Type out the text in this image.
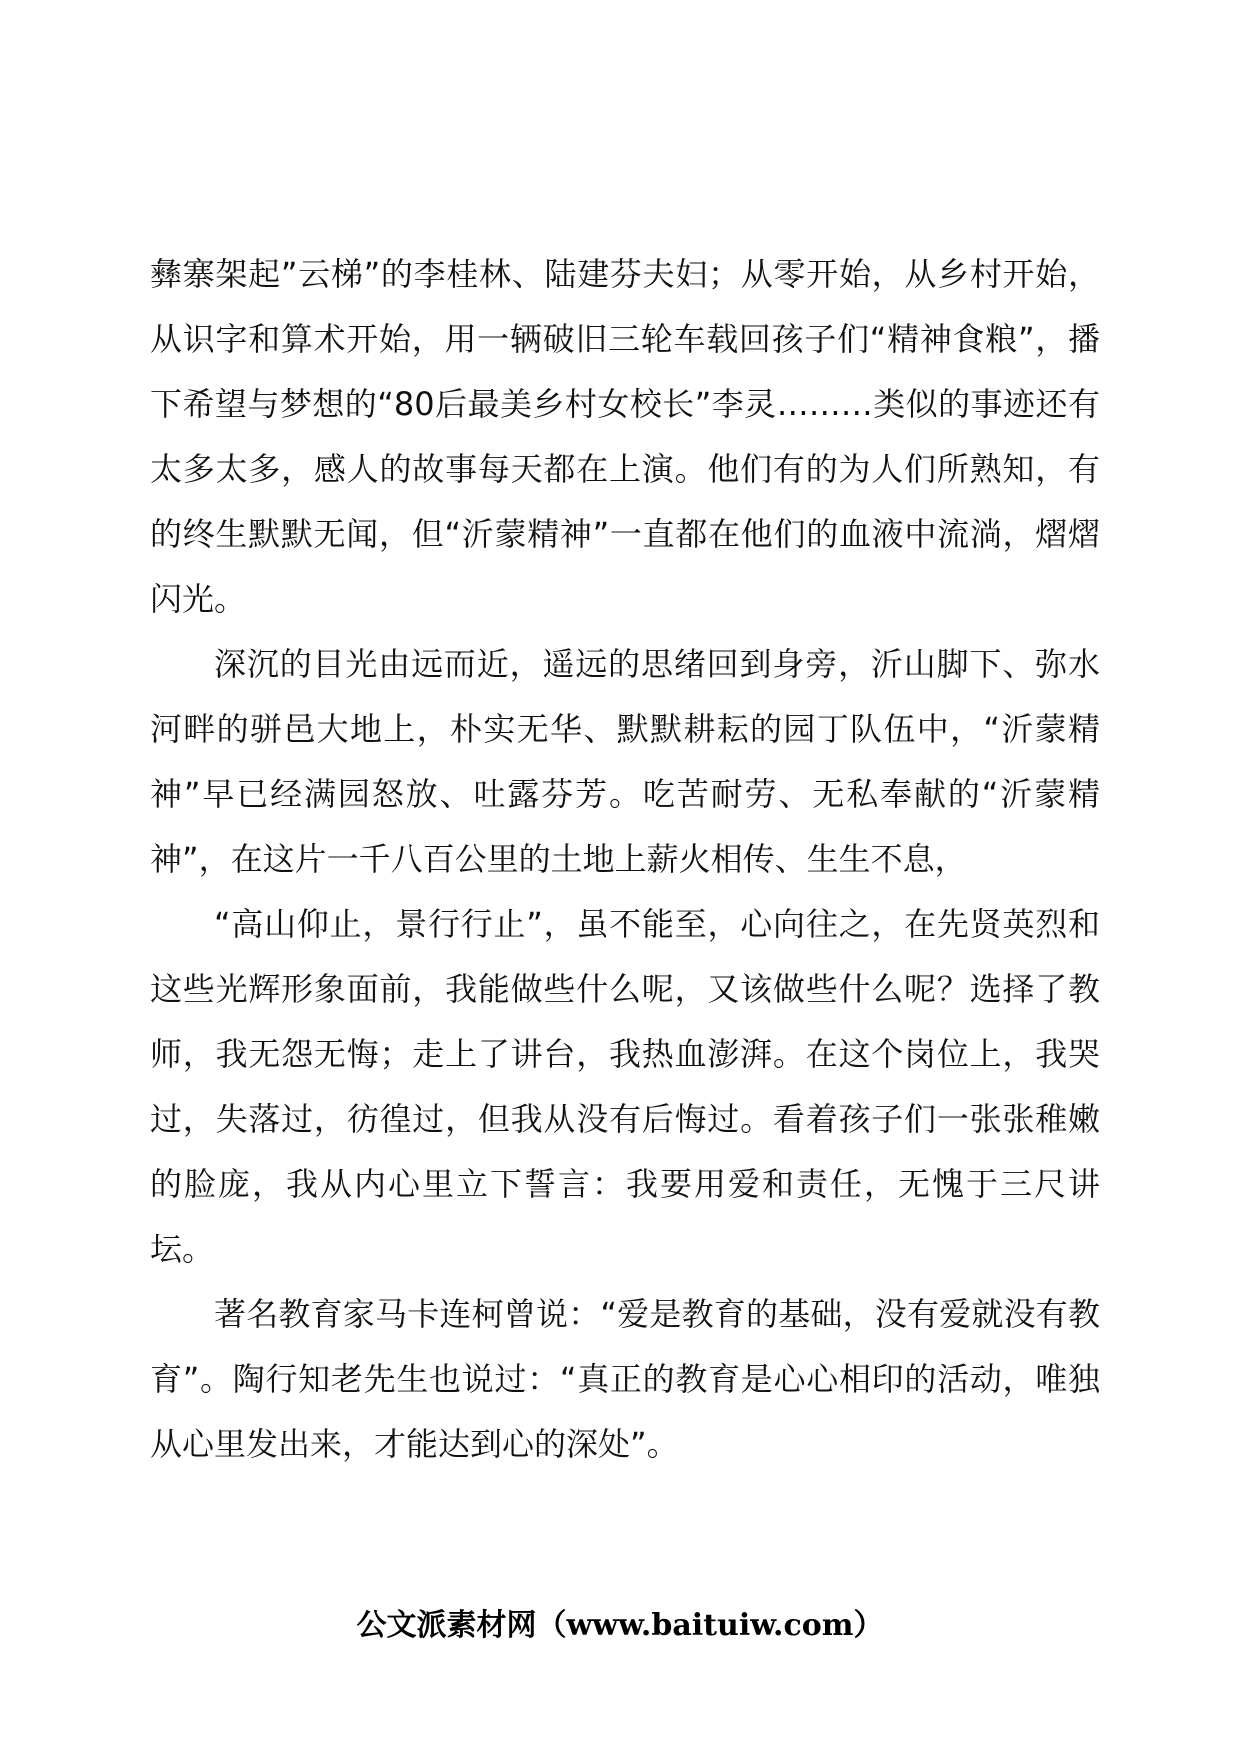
彝寨架起”云梯”的李桂林、陆建芬夫妇；从零开始，从乡村开始，从识字和算术开始，用一辆破旧三轮车载回孩子们“精神食粮”，播下希望与梦想的“80后最美乡村女校长”李灵………类似的事迹还有太多太多，感人的故事每天都在上演。他们有的为人们所熟知，有的终生默默无闻，但“沂蒙精神”一直都在他们的血液中流淌，熠熠闪光。

深沉的目光由远而近，遥远的思绪回到身旁，沂山脚下、弥水河畔的骈邑大地上，朴实无华、默默耕耘的园丁队伍中，“沂蒙精神”早已经满园怒放、吐露芬芳。吃苦耐劳、无私奉献的“沂蒙精神”，在这片一千八百公里的土地上薪火相传、生生不息，

“高山仰止，景行行止”，虽不能至，心向往之，在先贤英烈和这些光辉形象面前，我能做些什么呢，又该做些什么呢？选择了教师，我无怨无悔；走上了讲台，我热血澎湃。在这个岗位上，我哭过，失落过，彷徨过，但我从没有后悔过。看着孩子们一张张稚嫩的脸庞，我从内心里立下誓言：我要用爱和责任，无愧于三尺讲坛。

著名教育家马卡连柯曾说：“爱是教育的基础，没有爱就没有教育”。陶行知老先生也说过：“真正的教育是心心相印的活动，唯独从心里发出来，才能达到心的深处”。

公文派素材网（www.baituiw.com）
